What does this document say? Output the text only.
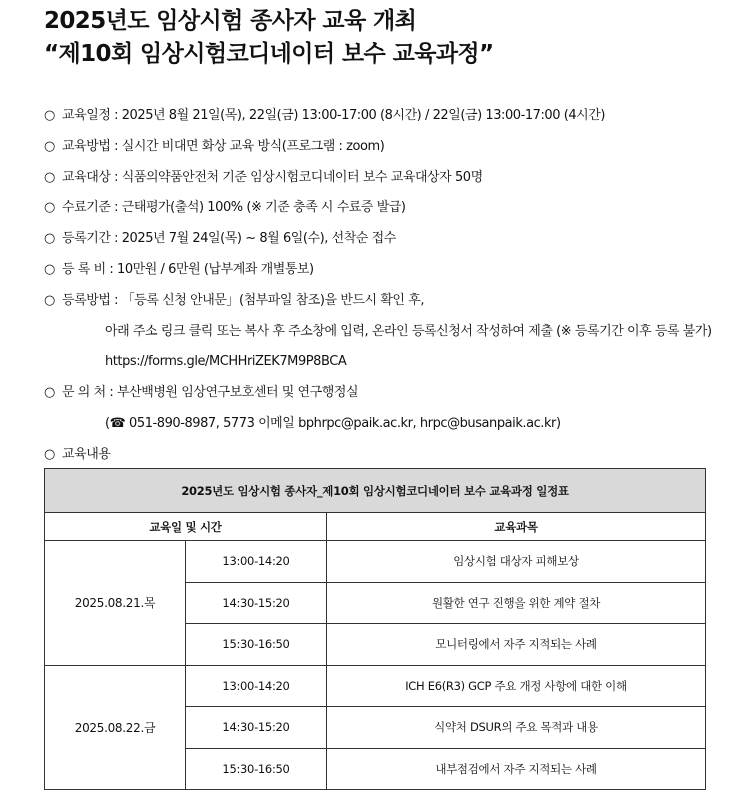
2025년도 임상시험 종사자 교육 개최
“제10회 임상시험코디네이터 보수 교육과정”
○ 교육일정 : 2025년 8월 21일(목), 22일(금) 13:00-17:00 (8시간) / 22일(금) 13:00-17:00 (4시간)
○ 교육방법 : 실시간 비대면 화상 교육 방식(프로그램 : zoom)
○ 교육대상 : 식품의약품안전처 기준 임상시험코디네이터 보수 교육대상자 50명
○ 수료기준 : 근태평가(출석) 100% (※ 기준 충족 시 수료증 발급)
○ 등록기간 : 2025년 7월 24일(목) ~ 8월 6일(수), 선착순 접수
○ 등 록 비 : 10만원 / 6만원 (납부계좌 개별통보)
○ 등록방법 : 「등록 신청 안내문」(첨부파일 참조)을 반드시 확인 후,
아래 주소 링크 클릭 또는 복사 후 주소창에 입력, 온라인 등록신청서 작성하여 제출 (※ 등록기간 이후 등록 불가)
https://forms.gle/MCHHriZEK7M9P8BCA
○ 문 의 처 : 부산백병원 임상연구보호센터 및 연구행정실
(☎ 051-890-8987, 5773 이메일 bphrpc@paik.ac.kr, hrpc@busanpaik.ac.kr)
○ 교육내용
2025년도 임상시험 종사자_제10회 임상시험코디네이터 보수 교육과정 일정표		
교육일 및 시간		교육과목
2025.08.21.목	13:00-14:20	임상시험 대상자 피해보상
	14:30-15:20	원활한 연구 진행을 위한 계약 절차
	15:30-16:50	모니터링에서 자주 지적되는 사례
2025.08.22.금	13:00-14:20	ICH E6(R3) GCP 주요 개정 사항에 대한 이해
	14:30-15:20	식약처 DSUR의 주요 목적과 내용
	15:30-16:50	내부점검에서 자주 지적되는 사례
